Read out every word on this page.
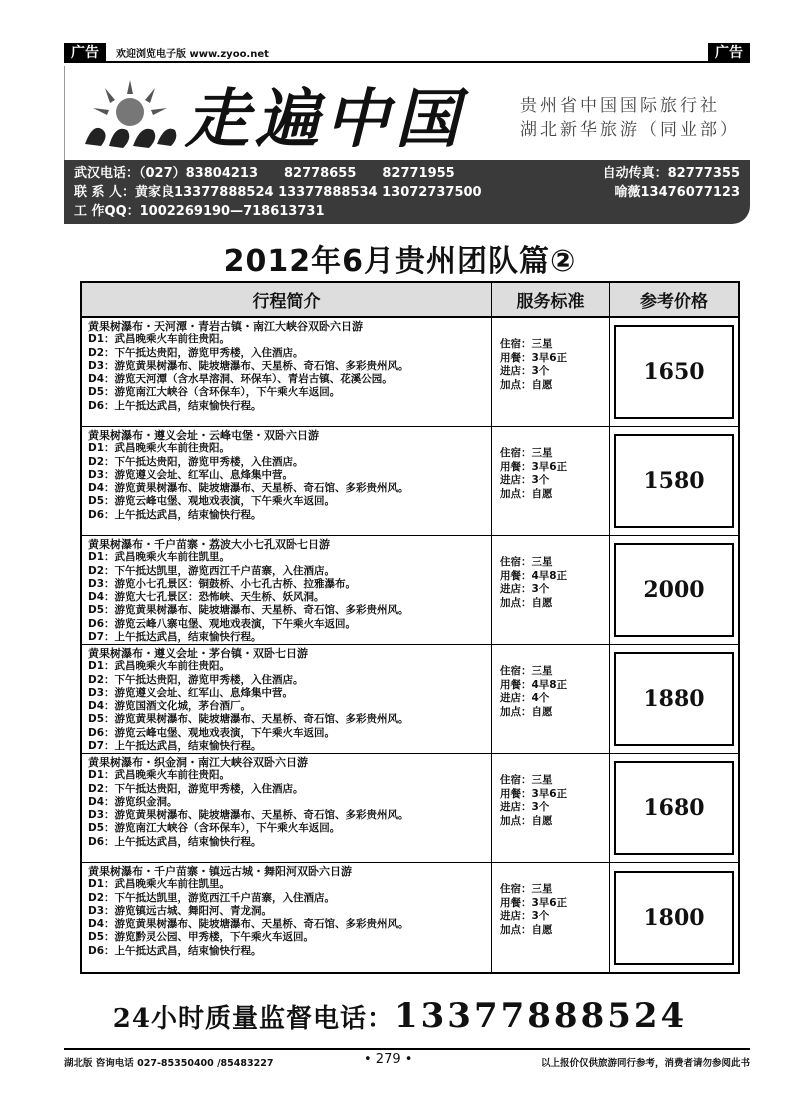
广告	欢迎浏览电子版 www.zyoo.net	广告
走遍中国	贵州省中国国际旅行社
湖北新华旅游（同业部）
武汉电话：（027）83804213　　82778655　　82771955	自动传真：82777355
联 系 人：黄家良13377888524 13377888534 13072737500	喻薇13476077123
工 作QQ：1002269190—718613731
2012年6月贵州团队篇②
行程简介	服务标准	参考价格
黄果树瀑布・天河潭・青岩古镇・南江大峡谷双卧六日游
D1：武昌晚乘火车前往贵阳。
D2：下午抵达贵阳，游览甲秀楼，入住酒店。
D3：游览黄果树瀑布、陡坡塘瀑布、天星桥、奇石馆、多彩贵州风。
D4：游览天河潭（含水旱溶洞、环保车）、青岩古镇、花溪公园。
D5：游览南江大峡谷（含环保车），下午乘火车返回。
D6：上午抵达武昌，结束愉快行程。
住宿：三星
用餐：3早6正
进店：3个
加点：自愿	1650
黄果树瀑布・遵义会址・云峰屯堡・双卧六日游
D1：武昌晚乘火车前往贵阳。
D2：下午抵达贵阳，游览甲秀楼，入住酒店。
D3：游览遵义会址、红军山、息烽集中营。
D4：游览黄果树瀑布、陡坡塘瀑布、天星桥、奇石馆、多彩贵州风。
D5：游览云峰屯堡、观地戏表演，下午乘火车返回。
D6：上午抵达武昌，结束愉快行程。
住宿：三星
用餐：3早6正
进店：3个
加点：自愿	1580
黄果树瀑布・千户苗寨・荔波大小七孔双卧七日游
D1：武昌晚乘火车前往凯里。
D2：下午抵达凯里，游览西江千户苗寨，入住酒店。
D3：游览小七孔景区：铜鼓桥、小七孔古桥、拉雅瀑布。
D4：游览大七孔景区：恐怖峡、天生桥、妖风洞。
D5：游览黄果树瀑布、陡坡塘瀑布、天星桥、奇石馆、多彩贵州风。
D6：游览云峰八寨屯堡、观地戏表演，下午乘火车返回。
D7：上午抵达武昌，结束愉快行程。
住宿：三星
用餐：4早8正
进店：3个
加点：自愿	2000
黄果树瀑布・遵义会址・茅台镇・双卧七日游
D1：武昌晚乘火车前往贵阳。
D2：下午抵达贵阳，游览甲秀楼，入住酒店。
D3：游览遵义会址、红军山、息烽集中营。
D4：游览国酒文化城，茅台酒厂。
D5：游览黄果树瀑布、陡坡塘瀑布、天星桥、奇石馆、多彩贵州风。
D6：游览云峰屯堡、观地戏表演，下午乘火车返回。
D7：上午抵达武昌，结束愉快行程。
住宿：三星
用餐：4早8正
进店：4个
加点：自愿	1880
黄果树瀑布・织金洞・南江大峡谷双卧六日游
D1：武昌晚乘火车前往贵阳。
D2：下午抵达贵阳，游览甲秀楼，入住酒店。
D4：游览织金洞。
D3：游览黄果树瀑布、陡坡塘瀑布、天星桥、奇石馆、多彩贵州风。
D5：游览南江大峡谷（含环保车），下午乘火车返回。
D6：上午抵达武昌，结束愉快行程。
住宿：三星
用餐：3早6正
进店：3个
加点：自愿	1680
黄果树瀑布・千户苗寨・镇远古城・舞阳河双卧六日游
D1：武昌晚乘火车前往凯里。
D2：下午抵达凯里，游览西江千户苗寨，入住酒店。
D3：游览镇远古城、舞阳河、青龙洞。
D4：游览黄果树瀑布、陡坡塘瀑布、天星桥、奇石馆、多彩贵州风。
D5：游览黔灵公园、甲秀楼，下午乘火车返回。
D6：上午抵达武昌，结束愉快行程。
住宿：三星
用餐：3早6正
进店：3个
加点：自愿	1800
24小时质量监督电话：13377888524
湖北版 咨询电话 027-85350400 /85483227	• 279 •	以上报价仅供旅游同行参考，消费者请勿参阅此书
